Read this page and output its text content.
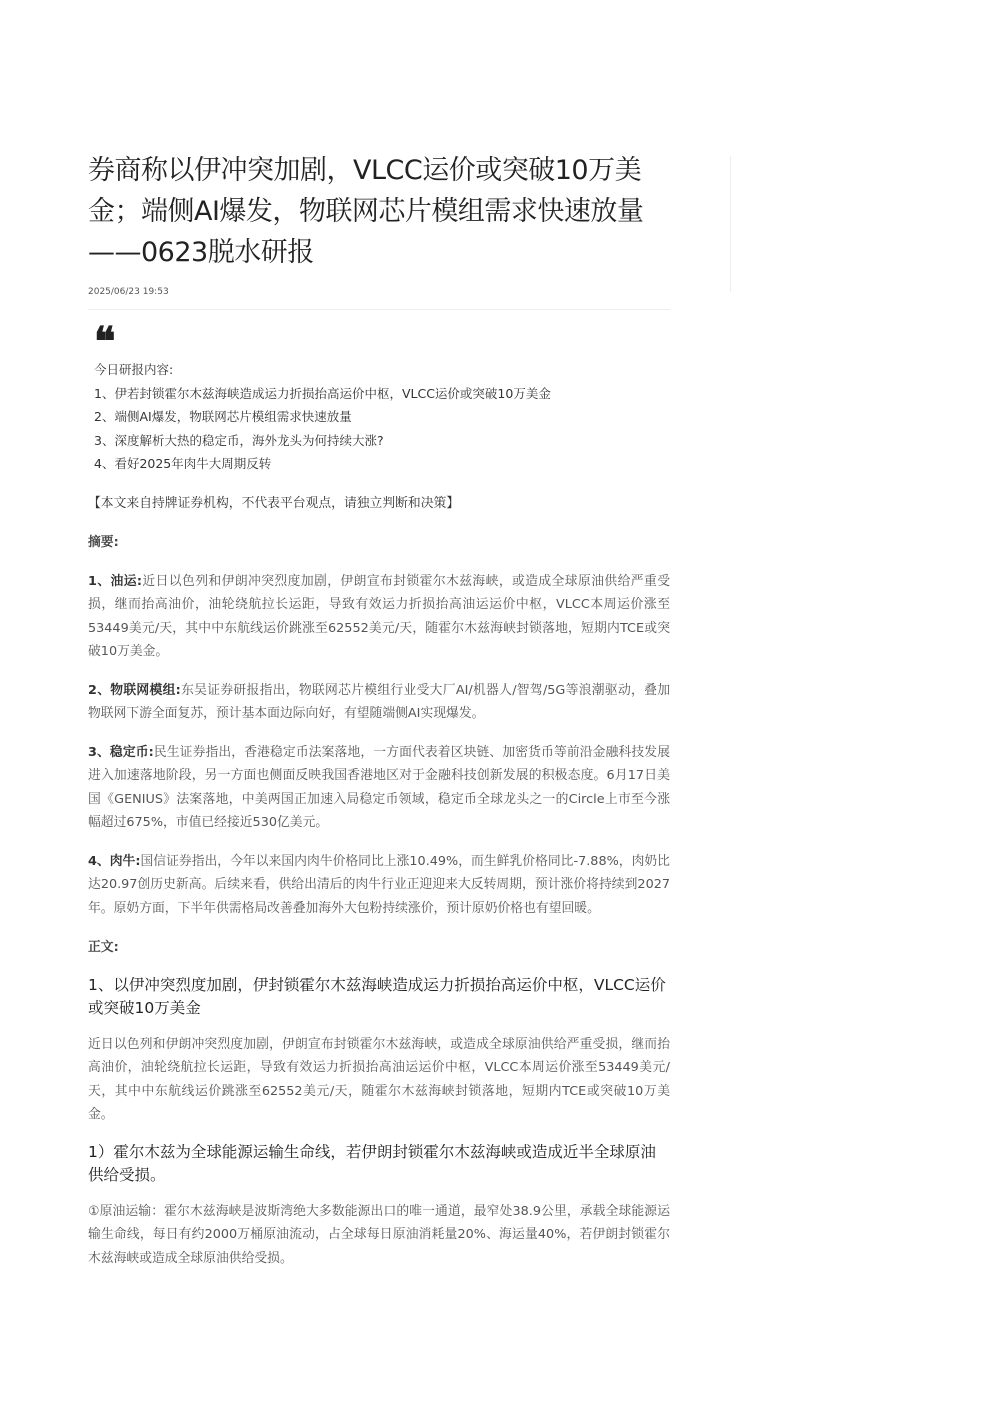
券商称以伊冲突加剧，VLCC运价或突破10万美
金；端侧AI爆发，物联网芯片模组需求快速放量
——0623脱水研报
2025/06/23 19:53
❝
今日研报内容:
1、伊若封锁霍尔木兹海峡造成运力折损抬高运价中枢，VLCC运价或突破10万美金
2、端侧AI爆发，物联网芯片模组需求快速放量
3、深度解析大热的稳定币，海外龙头为何持续大涨?
4、看好2025年肉牛大周期反转

【本文来自持牌证券机构，不代表平台观点，请独立判断和决策】

摘要:

1、油运:近日以色列和伊朗冲突烈度加剧，伊朗宣布封锁霍尔木兹海峡，或造成全球原油供给严重受损，继而抬高油价，油轮绕航拉长运距，导致有效运力折损抬高油运运价中枢，VLCC本周运价涨至53449美元/天，其中中东航线运价跳涨至62552美元/天，随霍尔木兹海峡封锁落地，短期内TCE或突破10万美金。

2、物联网模组:东吴证券研报指出，物联网芯片模组行业受大厂AI/机器人/智驾/5G等浪潮驱动，叠加物联网下游全面复苏，预计基本面边际向好，有望随端侧AI实现爆发。

3、稳定币:民生证券指出，香港稳定币法案落地，一方面代表着区块链、加密货币等前沿金融科技发展进入加速落地阶段，另一方面也侧面反映我国香港地区对于金融科技创新发展的积极态度。6月17日美国《GENIUS》法案落地，中美两国正加速入局稳定币领域，稳定币全球龙头之一的Circle上市至今涨幅超过675%，市值已经接近530亿美元。

4、肉牛:国信证券指出，今年以来国内肉牛价格同比上涨10.49%，而生鲜乳价格同比-7.88%，肉奶比达20.97创历史新高。后续来看，供给出清后的肉牛行业正迎迎来大反转周期，预计涨价将持续到2027年。原奶方面，下半年供需格局改善叠加海外大包粉持续涨价，预计原奶价格也有望回暖。

正文:
1、以伊冲突烈度加剧，伊封锁霍尔木兹海峡造成运力折损抬高运价中枢，VLCC运价或突破10万美金

近日以色列和伊朗冲突烈度加剧，伊朗宣布封锁霍尔木兹海峡，或造成全球原油供给严重受损，继而抬高油价，油轮绕航拉长运距，导致有效运力折损抬高油运运价中枢，VLCC本周运价涨至53449美元/天，其中中东航线运价跳涨至62552美元/天，随霍尔木兹海峡封锁落地，短期内TCE或突破10万美金。

1）霍尔木兹为全球能源运输生命线，若伊朗封锁霍尔木兹海峡或造成近半全球原油供给受损。

①原油运输：霍尔木兹海峡是波斯湾绝大多数能源出口的唯一通道，最窄处38.9公里，承载全球能源运输生命线，每日有约2000万桶原油流动，占全球每日原油消耗量20%、海运量40%，若伊朗封锁霍尔木兹海峡或造成全球原油供给受损。
